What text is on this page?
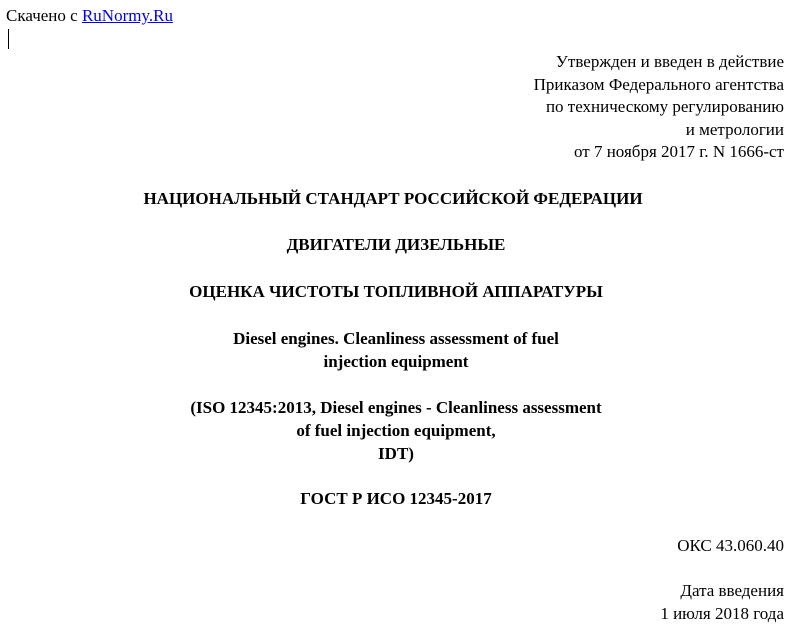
Скачено с RuNormy.Ru
Утвержден и введен в действие
Приказом Федерального агентства
по техническому регулированию
и метрологии
от 7 ноября 2017 г. N 1666-ст
НАЦИОНАЛЬНЫЙ СТАНДАРТ РОССИЙСКОЙ ФЕДЕРАЦИИ
ДВИГАТЕЛИ ДИЗЕЛЬНЫЕ
ОЦЕНКА ЧИСТОТЫ ТОПЛИВНОЙ АППАРАТУРЫ
Diesel engines. Cleanliness assessment of fuel
injection equipment
(ISO 12345:2013, Diesel engines - Cleanliness assessment
of fuel injection equipment,
IDT)
ГОСТ Р ИСО 12345-2017
ОКС 43.060.40
Дата введения
1 июля 2018 года
